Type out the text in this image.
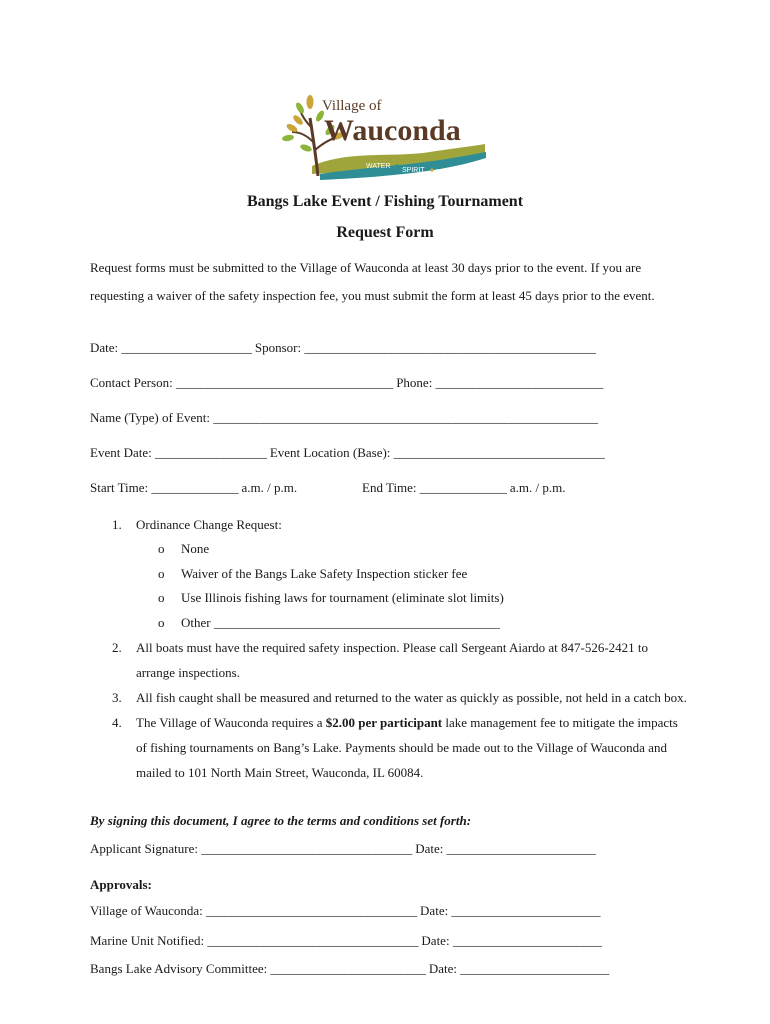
Village of
Wauconda
WATER
SPIRIT WONDER
Bangs Lake Event / Fishing Tournament
Request Form
Request forms must be submitted to the Village of Wauconda at least 30 days prior to the event. If you are requesting a waiver of the safety inspection fee, you must submit the form at least 45 days prior to the event.
Date: _____________________ Sponsor: _______________________________________________
Contact Person: ___________________________________ Phone: ___________________________
Name (Type) of Event: ______________________________________________________________
Event Date: __________________ Event Location (Base): __________________________________
Start Time: ______________ a.m. / p.m.	End Time: ______________ a.m. / p.m.
1.	Ordinance Change Request:
o	None
o	Waiver of the Bangs Lake Safety Inspection sticker fee
o	Use Illinois fishing laws for tournament (eliminate slot limits)
o	Other ____________________________________________
2.	All boats must have the required safety inspection. Please call Sergeant Aiardo at 847-526-2421 to arrange inspections.
3.	All fish caught shall be measured and returned to the water as quickly as possible, not held in a catch box.
4.	The Village of Wauconda requires a $2.00 per participant lake management fee to mitigate the impacts of fishing tournaments on Bang’s Lake. Payments should be made out to the Village of Wauconda and mailed to 101 North Main Street, Wauconda, IL 60084.
By signing this document, I agree to the terms and conditions set forth:
Applicant Signature: __________________________________ Date: ________________________
Approvals:
Village of Wauconda: __________________________________ Date: ________________________
Marine Unit Notified: __________________________________ Date: ________________________
Bangs Lake Advisory Committee: _________________________ Date: ________________________
